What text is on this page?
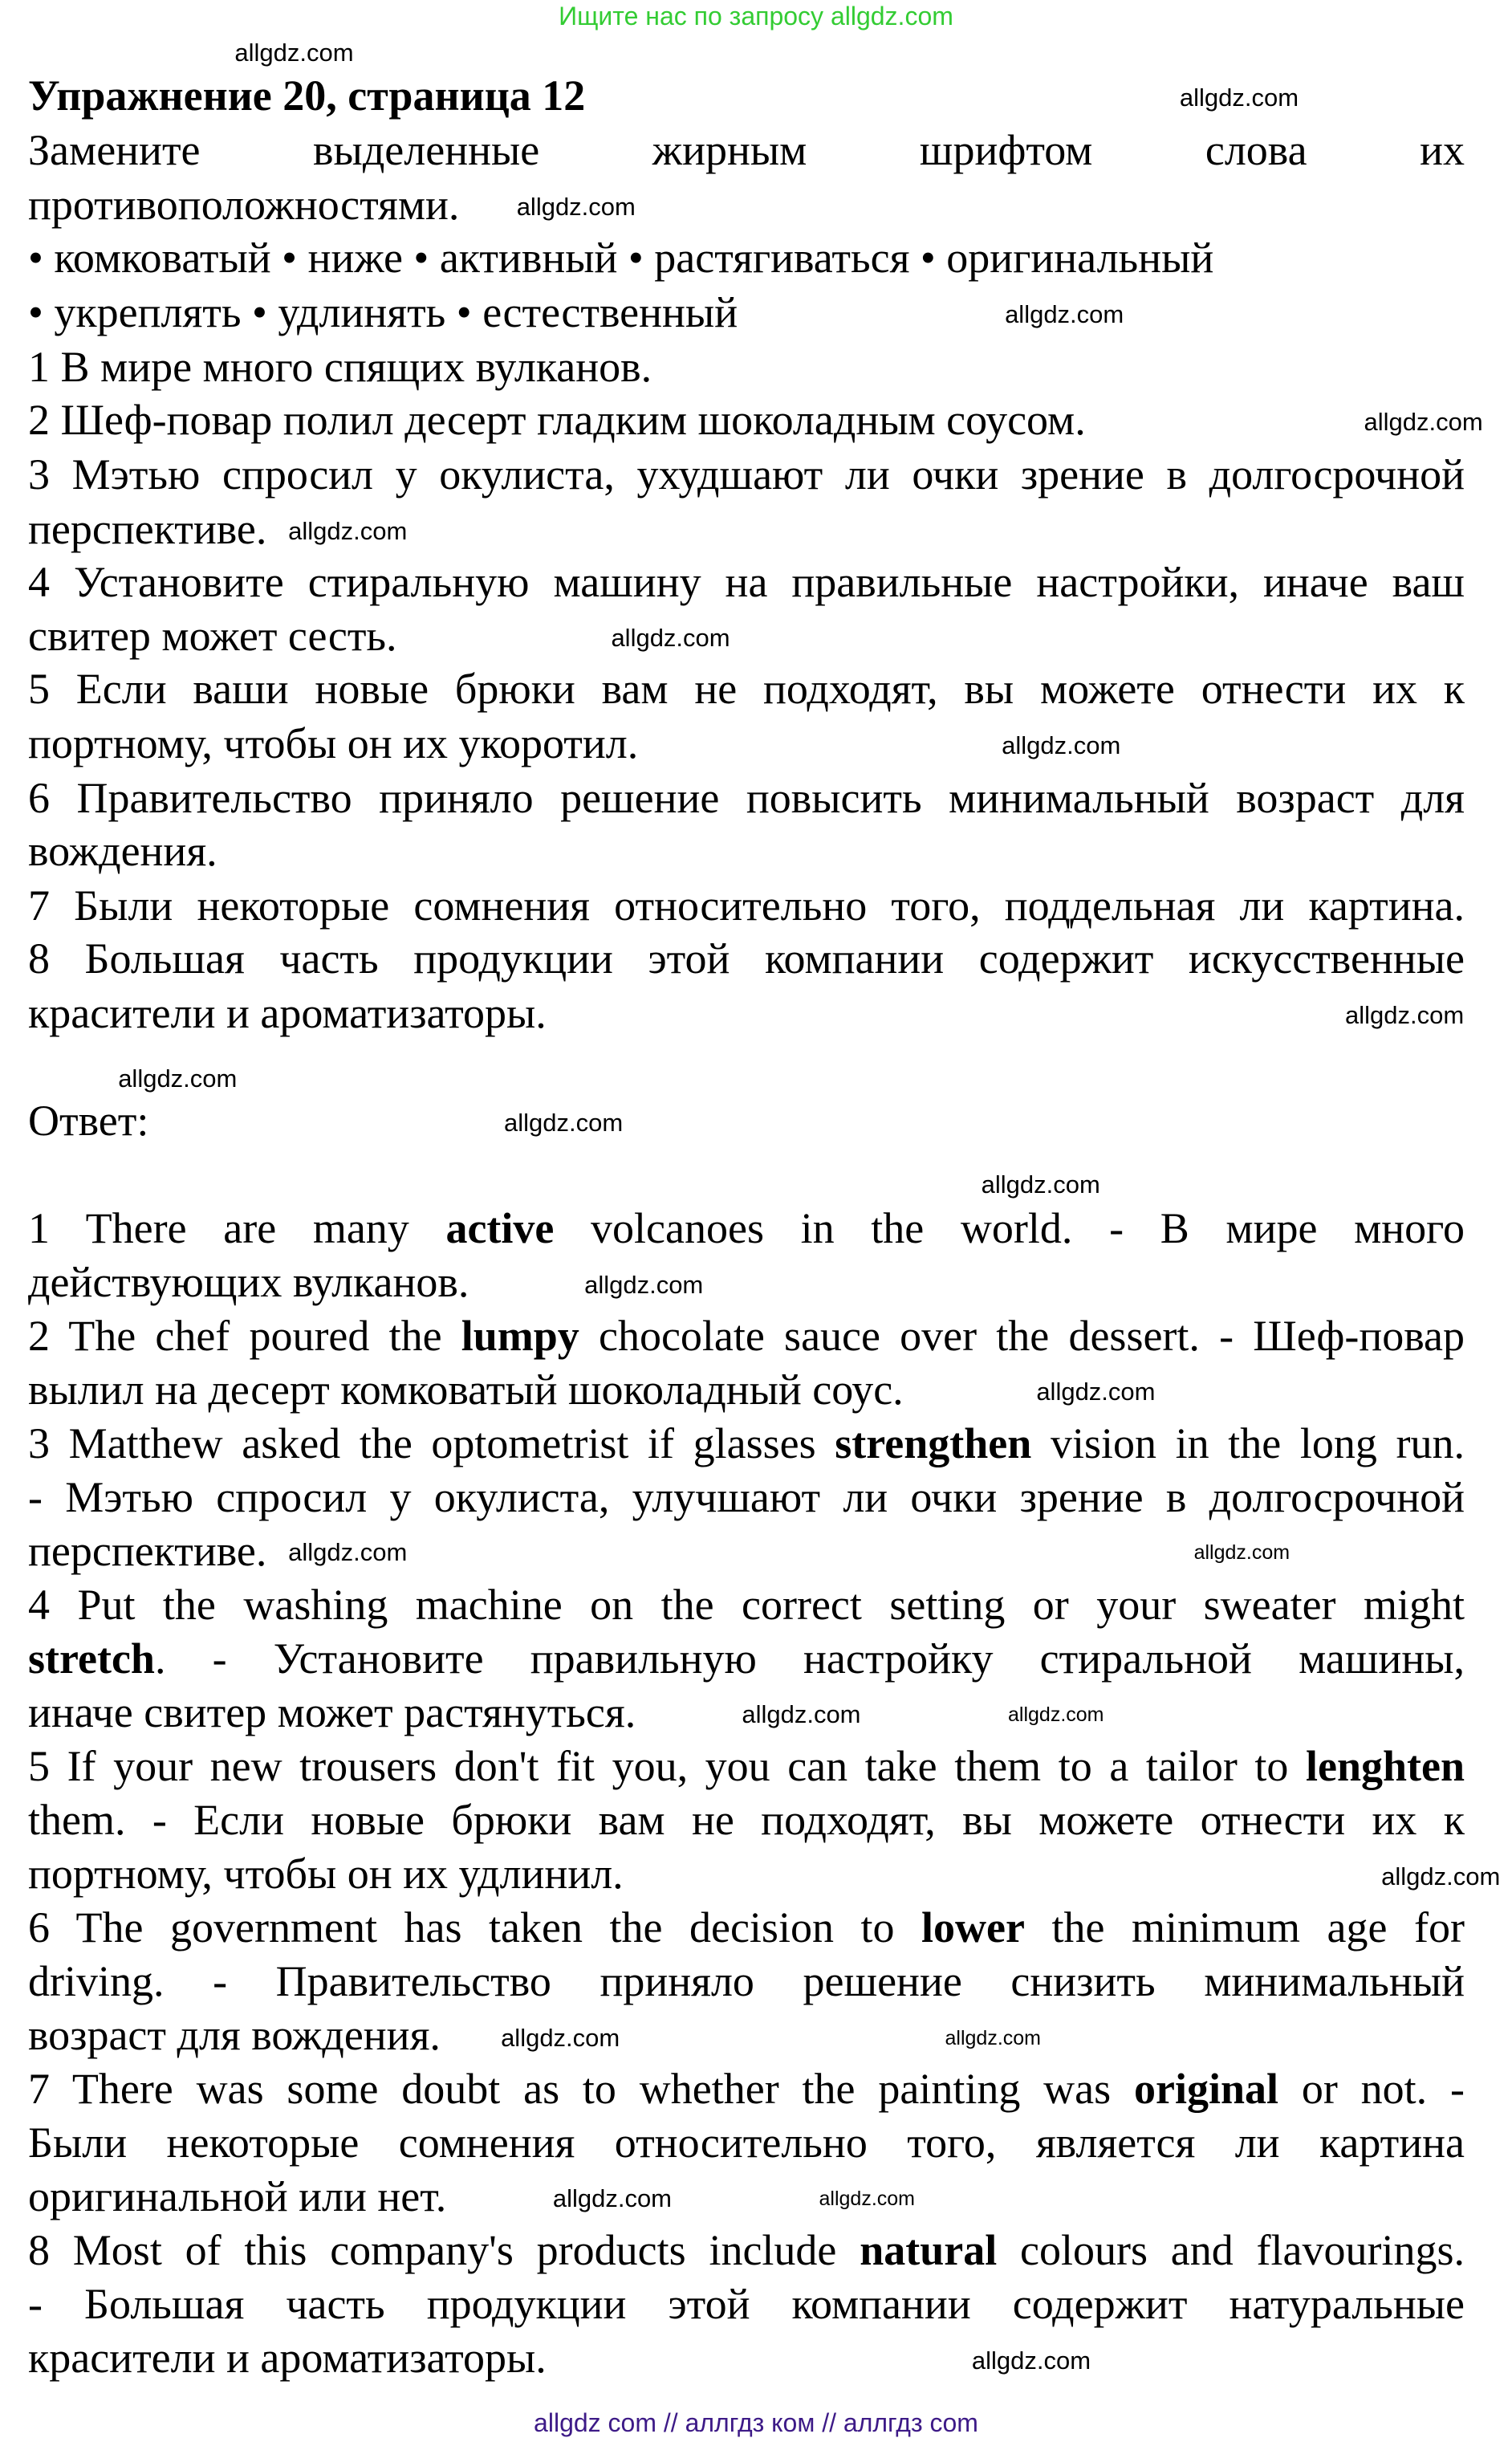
Ищите нас по запросу allgdz.com
Упражнение 20, страница 12
Замените выделенные жирным шрифтом слова их
противоположностями.
• комковатый • ниже • активный • растягиваться • оригинальный
• укреплять • удлинять • естественный
1 В мире много спящих вулканов.
2 Шеф-повар полил десерт гладким шоколадным соусом.
3 Мэтью спросил у окулиста, ухудшают ли очки зрение в долгосрочной
перспективе.
4 Установите стиральную машину на правильные настройки, иначе ваш
свитер может сесть.
5 Если ваши новые брюки вам не подходят, вы можете отнести их к
портному, чтобы он их укоротил.
6 Правительство приняло решение повысить минимальный возраст для
вождения.
7 Были некоторые сомнения относительно того, поддельная ли картина.
8 Большая часть продукции этой компании содержит искусственные
красители и ароматизаторы.
Ответ:
1 There are many active volcanoes in the world. - В мире много
действующих вулканов.
2 The chef poured the lumpy chocolate sauce over the dessert. - Шеф-повар
вылил на десерт комковатый шоколадный соус.
3 Matthew asked the optometrist if glasses strengthen vision in the long run.
- Мэтью спросил у окулиста, улучшают ли очки зрение в долгосрочной
перспективе.
4 Put the washing machine on the correct setting or your sweater might
stretch. - Установите правильную настройку стиральной машины,
иначе свитер может растянуться.
5 If your new trousers don't fit you, you can take them to a tailor to lenghten
them. - Если новые брюки вам не подходят, вы можете отнести их к
портному, чтобы он их удлинил.
6 The government has taken the decision to lower the minimum age for
driving. - Правительство приняло решение снизить минимальный
возраст для вождения.
7 There was some doubt as to whether the painting was original or not. -
Были некоторые сомнения относительно того, является ли картина
оригинальной или нет.
8 Most of this company's products include natural colours and flavourings.
- Большая часть продукции этой компании содержит натуральные
красители и ароматизаторы.
allgdz.com
allgdz.com
allgdz.com
allgdz.com
allgdz.com
allgdz.com
allgdz.com
allgdz.com
allgdz.com
allgdz.com
allgdz.com
allgdz.com
allgdz.com
allgdz.com
allgdz.com	allgdz.com
allgdz.com	allgdz.com
allgdz.com
allgdz.com	allgdz.com
allgdz.com
allgdz.com
allgdz.com
allgdz com // аллгдз ком // аллгдз com
